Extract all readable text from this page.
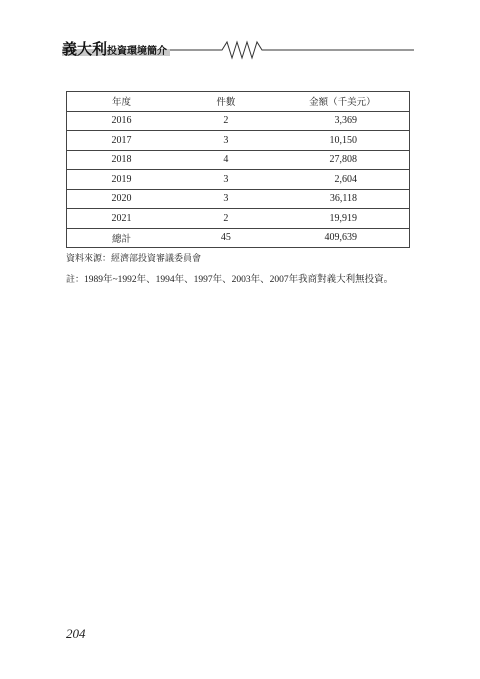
義大利投資環境簡介
年度	件數	金額（千美元）
2016	2	3,369
2017	3	10,150
2018	4	27,808
2019	3	2,604
2020	3	36,118
2021	2	19,919
總計	45	409,639
資料來源：經濟部投資審議委員會
註：1989年~1992年、1994年、1997年、2003年、2007年我商對義大利無投資。
204
